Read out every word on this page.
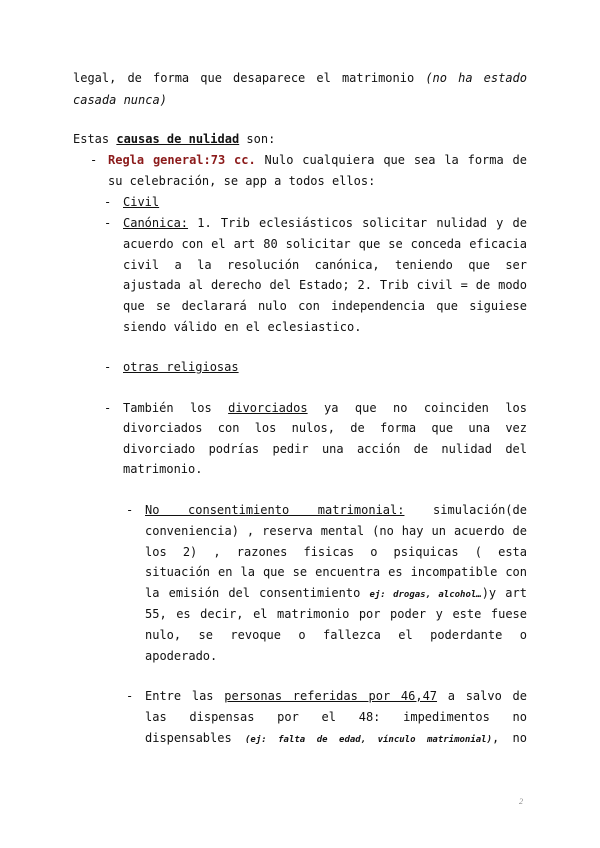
legal, de forma que desaparece el matrimonio (no ha estado
casada nunca)
Estas causas de nulidad son:
- Regla general:73 cc. Nulo cualquiera que sea la forma de
su celebración, se app a todos ellos:
- Civil
- Canónica: 1. Trib eclesiásticos solicitar nulidad y de
acuerdo con el art 80 solicitar que se conceda eficacia
civil a la resolución canónica, teniendo que ser
ajustada al derecho del Estado; 2. Trib civil = de modo
que se declarará nulo con independencia que siguiese
siendo válido en el eclesiastico.
- otras religiosas
- También los divorciados ya que no coinciden los
divorciados con los nulos, de forma que una vez
divorciado podrías pedir una acción de nulidad del
matrimonio.
- No consentimiento matrimonial: simulación(de
conveniencia) , reserva mental (no hay un acuerdo de
los 2) , razones fisicas o psiquicas ( esta
situación en la que se encuentra es incompatible con
la emisión del consentimiento ej: drogas, alcohol…)y art
55, es decir, el matrimonio por poder y este fuese
nulo, se revoque o fallezca el poderdante o
apoderado.
- Entre las personas referidas por 46,47 a salvo de
las dispensas por el 48: impedimentos no
dispensables (ej: falta de edad, vínculo matrimonial), no
2
